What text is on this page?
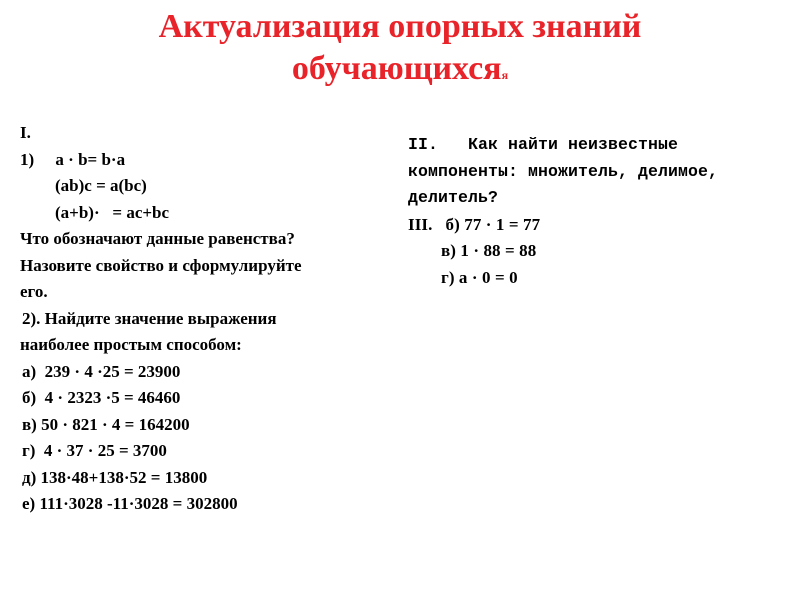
Актуализация опорных знаний
обучающихсяя
I.
1)     a · b= b·a
(ab)c = a(bc)
(a+b)·   = ac+bc
Что обозначают данные равенства?
Назовите свойство и сформулируйте
его.
2). Найдите значение выражения
наиболее простым способом:
а)  239 · 4 ·25 = 23900
б)  4 · 2323 ·5 = 46460
в) 50 · 821 · 4 = 164200
г)  4 · 37 · 25 = 3700
д) 138·48+138·52 = 13800
е) 111·3028 -11·3028 = 302800
II.   Как найти неизвестные
компоненты: множитель, делимое,
делитель?
III.   б) 77 · 1 = 77
в) 1 · 88 = 88
г) а · 0 = 0
